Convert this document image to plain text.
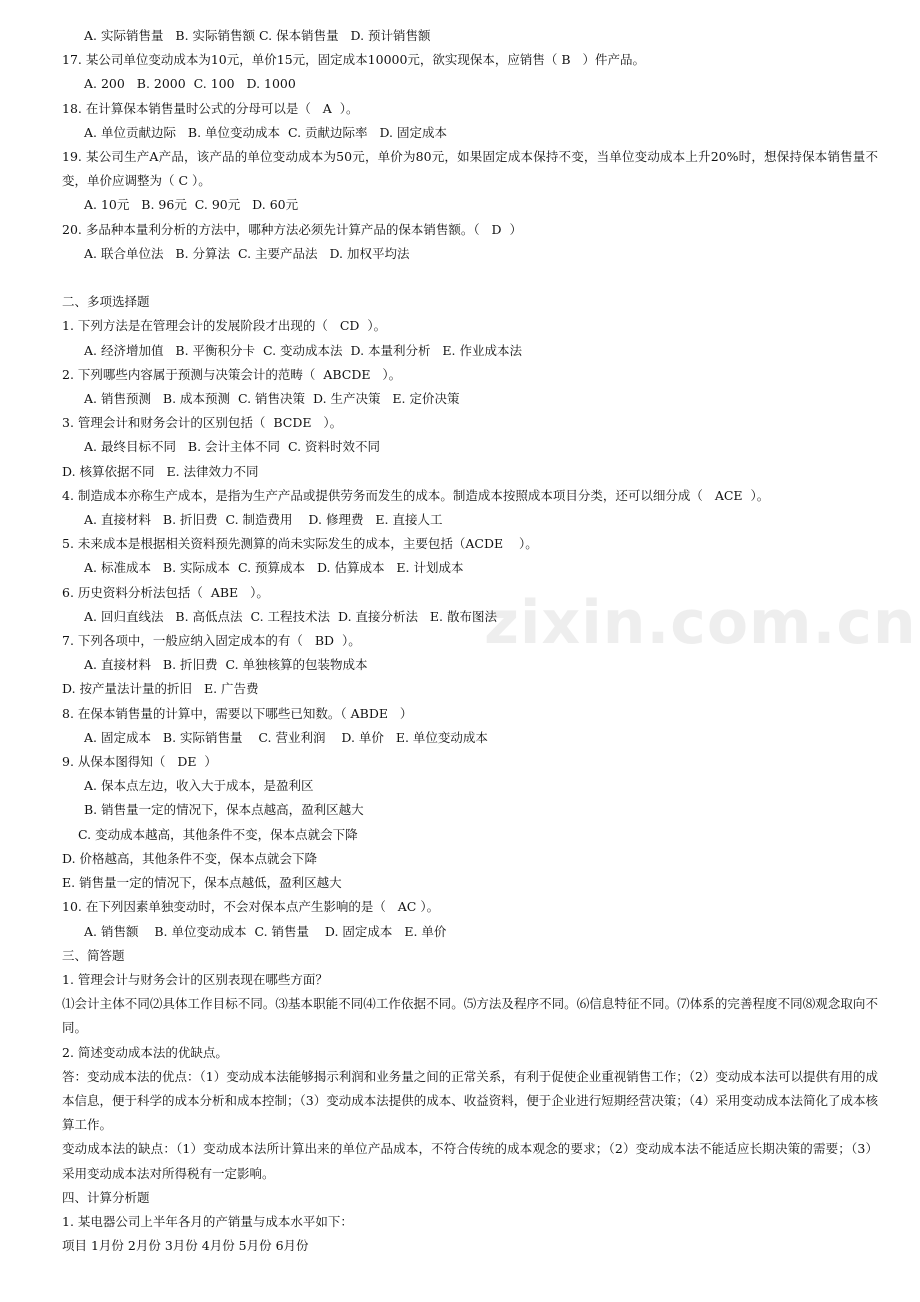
zixin.com.cn

A. 实际销售量   B. 实际销售额 C. 保本销售量   D. 预计销售额

17. 某公司单位变动成本为10元，单价15元，固定成本10000元，欲实现保本，应销售（ B   ）件产品。

A. 200   B. 2000  C. 100   D. 1000

18. 在计算保本销售量时公式的分母可以是（   A  ）。

A. 单位贡献边际   B. 单位变动成本  C. 贡献边际率   D. 固定成本

19. 某公司生产A产品，该产品的单位变动成本为50元，单价为80元，如果固定成本保持不变，当单位变动成本上升20%时，想保持保本销售量不变，单价应调整为（ C ）。

A. 10元   B. 96元  C. 90元   D. 60元

20. 多品种本量利分析的方法中，哪种方法必须先计算产品的保本销售额。（   D  ）

A. 联合单位法   B. 分算法  C. 主要产品法   D. 加权平均法

二、多项选择题

1. 下列方法是在管理会计的发展阶段才出现的（   CD  ）。

A. 经济增加值   B. 平衡积分卡  C. 变动成本法  D. 本量利分析   E. 作业成本法

2. 下列哪些内容属于预测与决策会计的范畴（  ABCDE   ）。

A. 销售预测   B. 成本预测  C. 销售决策  D. 生产决策   E. 定价决策

3. 管理会计和财务会计的区别包括（  BCDE   ）。

A. 最终目标不同   B. 会计主体不同  C. 资料时效不同

D. 核算依据不同   E. 法律效力不同

4. 制造成本亦称生产成本，是指为生产产品或提供劳务而发生的成本。制造成本按照成本项目分类，还可以细分成（   ACE  ）。

A. 直接材料   B. 折旧费  C. 制造费用    D. 修理费   E. 直接人工

5. 未来成本是根据相关资料预先测算的尚未实际发生的成本，主要包括（ACDE    ）。

A. 标准成本   B. 实际成本  C. 预算成本   D. 估算成本   E. 计划成本

6. 历史资料分析法包括（  ABE   ）。

A. 回归直线法   B. 高低点法  C. 工程技术法  D. 直接分析法   E. 散布图法

7. 下列各项中，一般应纳入固定成本的有（   BD  ）。

A. 直接材料   B. 折旧费  C. 单独核算的包装物成本

D. 按产量法计量的折旧   E. 广告费

8. 在保本销售量的计算中，需要以下哪些已知数。（ ABDE   ）

A. 固定成本   B. 实际销售量    C. 营业利润    D. 单价   E. 单位变动成本

9. 从保本图得知（   DE  ）

A. 保本点左边，收入大于成本，是盈利区

B. 销售量一定的情况下，保本点越高，盈利区越大

C. 变动成本越高，其他条件不变，保本点就会下降

D. 价格越高，其他条件不变，保本点就会下降

E. 销售量一定的情况下，保本点越低，盈利区越大

10. 在下列因素单独变动时，不会对保本点产生影响的是（   AC ）。

A. 销售额    B. 单位变动成本  C. 销售量    D. 固定成本   E. 单价

三、简答题

1. 管理会计与财务会计的区别表现在哪些方面？

⑴会计主体不同⑵具体工作目标不同。⑶基本职能不同⑷工作依据不同。⑸方法及程序不同。⑹信息特征不同。⑺体系的完善程度不同⑻观念取向不同。

2. 简述变动成本法的优缺点。

答：变动成本法的优点：（1）变动成本法能够揭示利润和业务量之间的正常关系，有利于促使企业重视销售工作；（2）变动成本法可以提供有用的成本信息，便于科学的成本分析和成本控制；（3）变动成本法提供的成本、收益资料，便于企业进行短期经营决策；（4）采用变动成本法简化了成本核算工作。

变动成本法的缺点：（1）变动成本法所计算出来的单位产品成本，不符合传统的成本观念的要求；（2）变动成本法不能适应长期决策的需要；（3）采用变动成本法对所得税有一定影响。

四、计算分析题

1. 某电器公司上半年各月的产销量与成本水平如下：

项目 1月份 2月份 3月份 4月份 5月份 6月份
